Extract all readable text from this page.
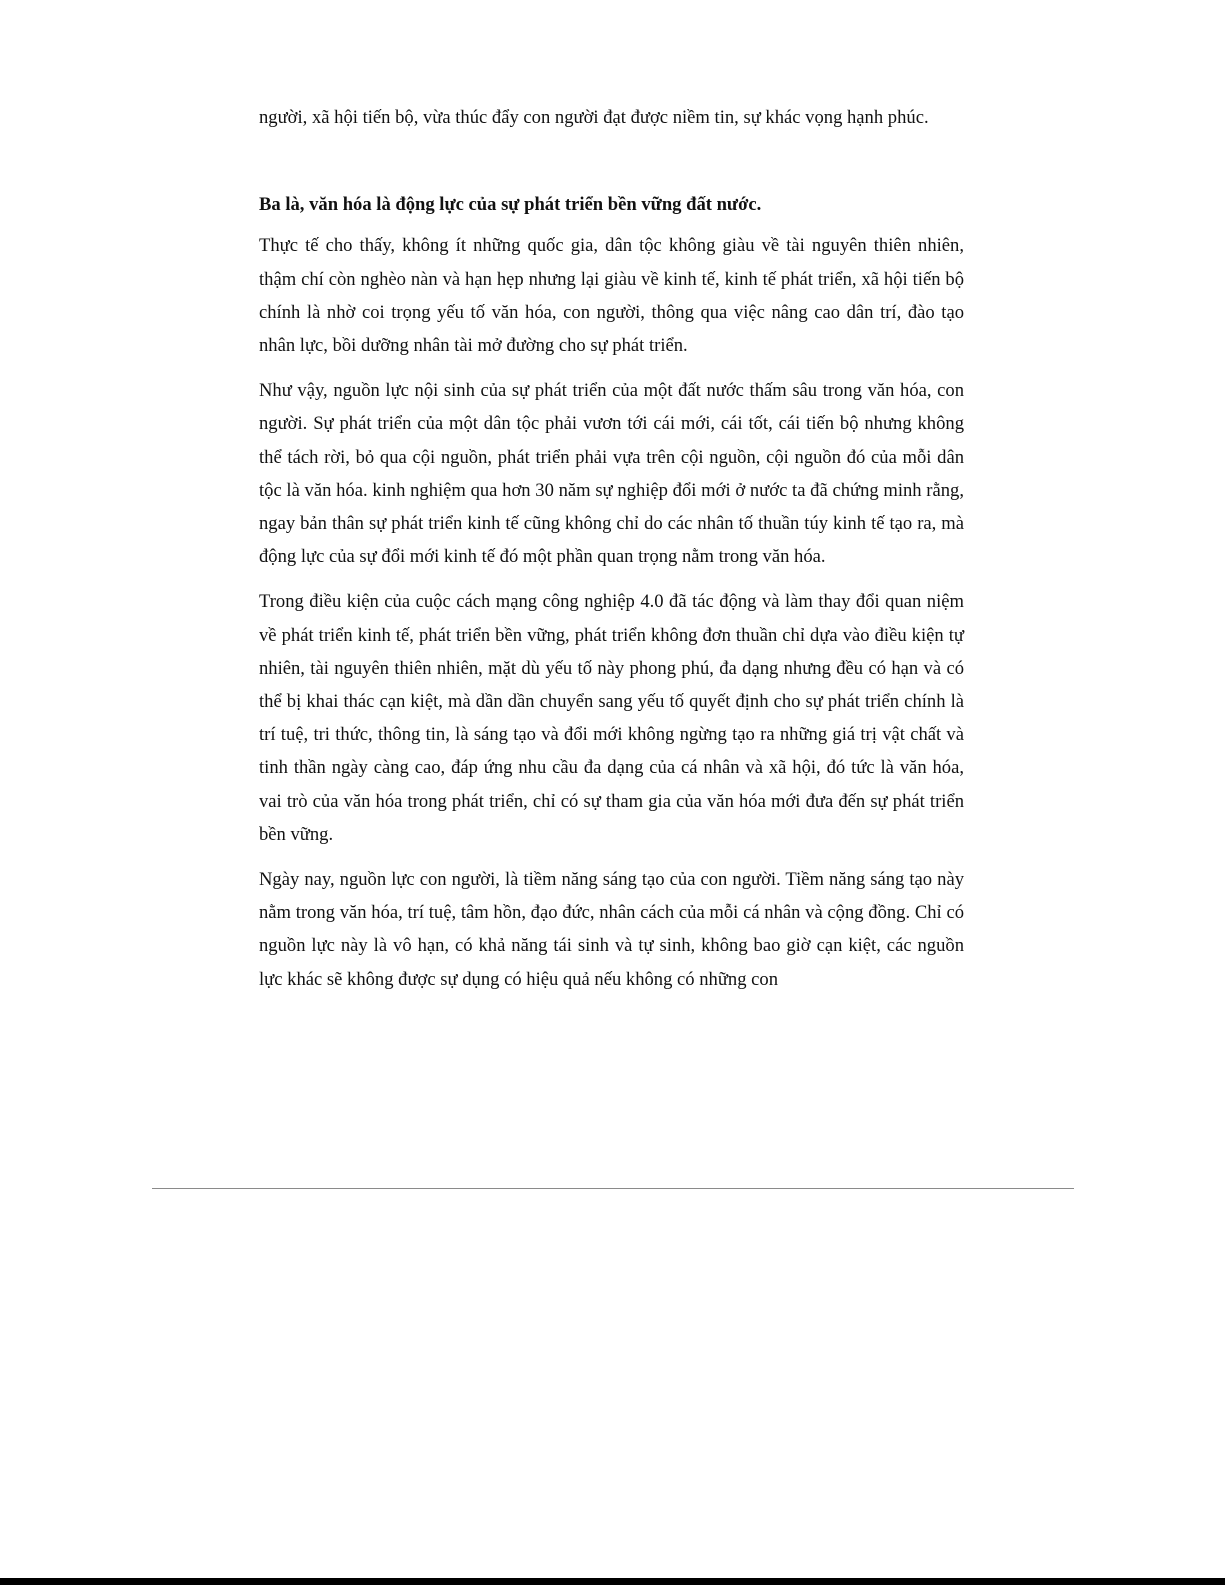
người, xã hội tiến bộ, vừa thúc đẩy con người đạt được niềm tin, sự khác vọng hạnh phúc.

Ba là, văn hóa là động lực của sự phát triển bền vững đất nước.

Thực tế cho thấy, không ít những quốc gia, dân tộc không giàu về tài nguyên thiên nhiên, thậm chí còn nghèo nàn và hạn hẹp nhưng lại giàu về kinh tế, kinh tế phát triển, xã hội tiến bộ chính là nhờ coi trọng yếu tố văn hóa, con người, thông qua việc nâng cao dân trí, đào tạo nhân lực, bồi dưỡng nhân tài mở đường cho sự phát triển.

Như vậy, nguồn lực nội sinh của sự phát triển của một đất nước thấm sâu trong văn hóa, con người. Sự phát triển của một dân tộc phải vươn tới cái mới, cái tốt, cái tiến bộ nhưng không thể tách rời, bỏ qua cội nguồn, phát triển phải vựa trên cội nguồn, cội nguồn đó của mỗi dân tộc là văn hóa. kinh nghiệm qua hơn 30 năm sự nghiệp đổi mới ở nước ta đã chứng minh rằng, ngay bản thân sự phát triển kinh tế cũng không chỉ do các nhân tố thuần túy kinh tế tạo ra, mà động lực của sự đổi mới kinh tế đó một phần quan trọng nằm trong văn hóa.

Trong điều kiện của cuộc cách mạng công nghiệp 4.0 đã tác động và làm thay đổi quan niệm về phát triển kinh tế, phát triển bền vững, phát triển không đơn thuần chỉ dựa vào điều kiện tự nhiên, tài nguyên thiên nhiên, mặt dù yếu tố này phong phú, đa dạng nhưng đều có hạn và có thể bị khai thác cạn kiệt, mà dần dần chuyển sang yếu tố quyết định cho sự phát triển chính là trí tuệ, tri thức, thông tin, là sáng tạo và đổi mới không ngừng tạo ra những giá trị vật chất và tinh thần ngày càng cao, đáp ứng nhu cầu đa dạng của cá nhân và xã hội, đó tức là văn hóa, vai trò của văn hóa trong phát triển, chỉ có sự tham gia của văn hóa mới đưa đến sự phát triển bền vững.

Ngày nay, nguồn lực con người, là tiềm năng sáng tạo của con người. Tiềm năng sáng tạo này nằm trong văn hóa, trí tuệ, tâm hồn, đạo đức, nhân cách của mỗi cá nhân và cộng đồng. Chỉ có nguồn lực này là vô hạn, có khả năng tái sinh và tự sinh, không bao giờ cạn kiệt, các nguồn lực khác sẽ không được sự dụng có hiệu quả nếu không có những con
